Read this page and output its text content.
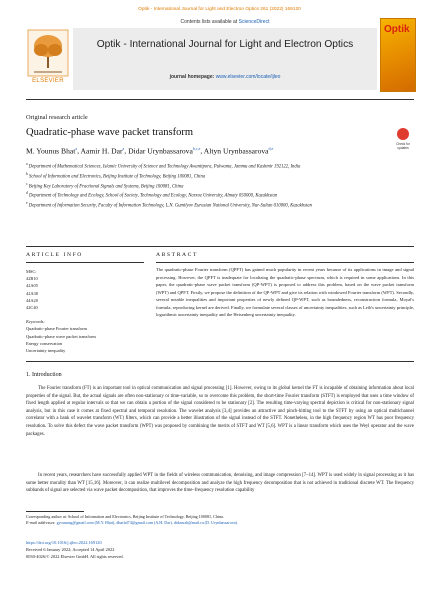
Optik - International Journal for Light and Electron Optics 261 (2022) 169120
ELSEVIER
Contents lists available at ScienceDirect
Optik - International Journal for Light and Electron Optics
journal homepage: www.elsevier.com/locate/ijleo
Optik
Original research article
Quadratic-phase wave packet transform
Check for updates
M. Younus Bhat$^a$, Aamir H. Dar$^a$, Didar Urynbassarova$^{b,c,e}$, Altyn Urynbassarova$^{d,e}$
$^a$ Department of Mathematical Sciences, Islamic University of Science and Technology Awantipora, Pulwama, Jammu and Kashmir 192122, India
$^b$ School of Information and Electronics, Beijing Institute of Technology, Beijing 100081, China
$^c$ Beijing Key Laboratory of Fractional Signals and Systems, Beijing 100081, China
$^d$ Department of Technology and Ecology, School of Society, Technology and Ecology, Narxoz University, Almaty 050000, Kazakhstan
$^e$ Department of Information Security, Faculty of Information Technology, L.N. Gumilyov Eurasian National University, Nur-Sultan 010000, Kazakhstan
ARTICLE INFO	ABSTRACT
MSC:
42B10
42A05
42A38
44A20
42C40
Keywords:
Quadratic-phase Fourier transform
Quadratic-phase wave packet transform
Energy conservation
Uncertainty inequality
The quadratic-phase Fourier transform (QPFT) has gained much popularity in recent years because of its applications in image and signal processing. However, the QPFT is inadequate for localizing the quadratic-phase spectrum, which is required in some applications. In this paper, the quadratic-phase wave packet transform (QP-WPT) is proposed to address this problem, based on the wave packet transform (WPT) and QPFT. Firstly, we propose the definition of the QP-WPT and give its relation with windowed Fourier transform (WFT). Secondly, several notable inequalities and important properties of newly defined QP-WPT, such as boundedness, reconstruction formula, Moyal's formula, reproducing kernel are derived. Finally, we formulate several classes of uncertainty inequalities, such as Leib's uncertainty principle, logarithmic uncertainty inequality and the Heisenberg uncertainty inequality.
1. Introduction
The Fourier transform (FT) is an important tool in optical communication and signal processing [1]. However, owing to its global kernel the FT is incapable of obtaining information about local properties of the signal. But, the actual signals are often non-stationary or time-variable, so to overcome this problem, the short-time Fourier transform (STFT) is employed that uses a time window of fixed length applied at regular intervals so that we can obtain a portion of the signal considered to be stationary [2]. The resulting time-varying spectral depiction is critical for non-stationary signal analysis, but in this case it comes at fixed spectral and temporal resolution. The wavelet analysis [3,4] provides an attractive and pinch-hitting tool to the STFT by using an optical multichannel correlator with a bank of wavelet transform (WT) filters, which can provide a better illustration of the signal instead of the STFT. Nonetheless, in the high frequency region WT has poor frequency resolution. To solve this defect the wave packet transform (WPT) was proposed by combining the merits of STFT and WT [5,6]. WPT is a linear transform which uses the Weyl operator and the wave packages.
In recent years, researchers have successfully applied WPT in the fields of wireless communication, denoising, and image compression [7–14]. WPT is used widely in signal processing as it has some better morality than WT [15,16]. Moreover, it can realize multilevel decomposition and analyze the high frequency decomposition that is not achieved in traditional discrete WT. The frequency subbands of signal are selected via wave packet decomposition, that improves the time–frequency resolution capability
Corresponding author at: School of Information and Electronics, Beijing Institute of Technology, Beijing 100081, China.
E-mail addresses: gyounusg@gmail.com (M.Y. Bhat), dharh474@gmail.com (A.H. Dar), didaruzh@mail.ru (D. Urynbassarova).
https://doi.org/10.1016/j.ijleo.2022.169120
Received 6 January 2022; Accepted 14 April 2022
0030-4026/© 2022 Elsevier GmbH. All rights reserved.
